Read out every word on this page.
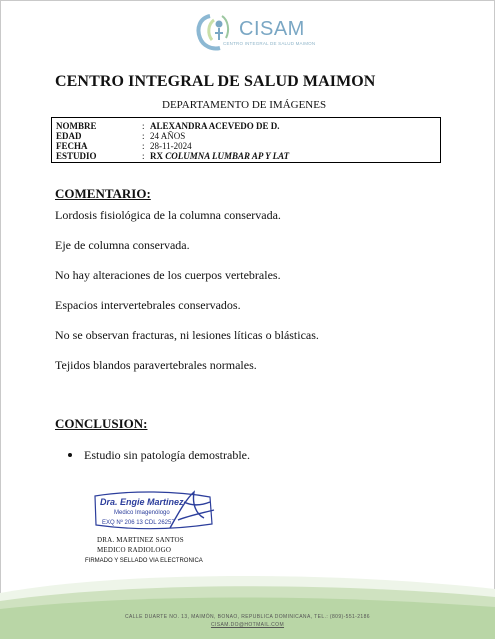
CISAM
CENTRO INTEGRAL DE SALUD MAIMON
CENTRO INTEGRAL DE SALUD MAIMON
DEPARTAMENTO DE IMÁGENES
NOMBRE	: ALEXANDRA ACEVEDO DE D.
EDAD	: 24 AÑOS
FECHA	: 28-11-2024
ESTUDIO	: RX COLUMNA LUMBAR AP Y LAT
COMENTARIO:
Lordosis fisiológica de la columna conservada.
Eje de columna conservada.
No hay alteraciones de los cuerpos vertebrales.
Espacios intervertebrales conservados.
No se observan fracturas, ni lesiones líticas o blásticas.
Tejidos blandos paravertebrales normales.
CONCLUSION:
Estudio sin patología demostrable.
Dra. Engie Martinez
Medico Imagenólogo
EXQ Nº 206 13 CDL 26257
DRA. MARTINEZ SANTOS
MEDICO RADIOLOGO
FIRMADO Y SELLADO VIA ELECTRONICA
CALLE DUARTE NO. 13, MAIMÓN, BONAO, REPUBLICA DOMINICANA, TEL.: (809)-551-2186
CISAM.DO@HOTMAIL.COM
